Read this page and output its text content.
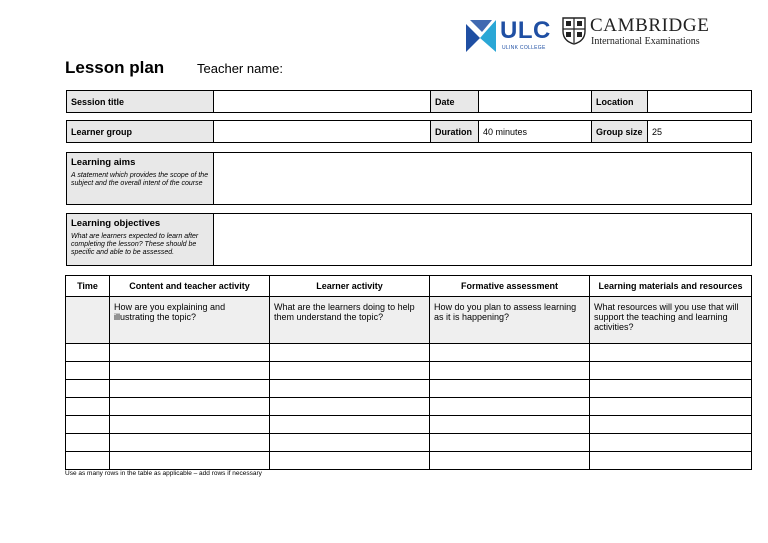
ULC
ULINK COLLEGE
CAMBRIDGE
International Examinations
Lesson plan	Teacher name:
Session title		Date		Location	
Learner group		Duration	40 minutes	Group size	25
Learning aims
A statement which provides the scope of the subject and the overall intent of the course

Learning objectives
What are learners expected to learn after completing the lesson? These should be specific and able to be assessed.

Time	Content and teacher activity	Learner activity	Formative assessment	Learning materials and resources
	How are you explaining and illustrating the topic?	What are the learners doing to help them understand the topic?	How do you plan to assess learning as it is happening?	What resources will you use that will support the teaching and learning activities?

Use as many rows in the table as applicable – add rows if necessary
